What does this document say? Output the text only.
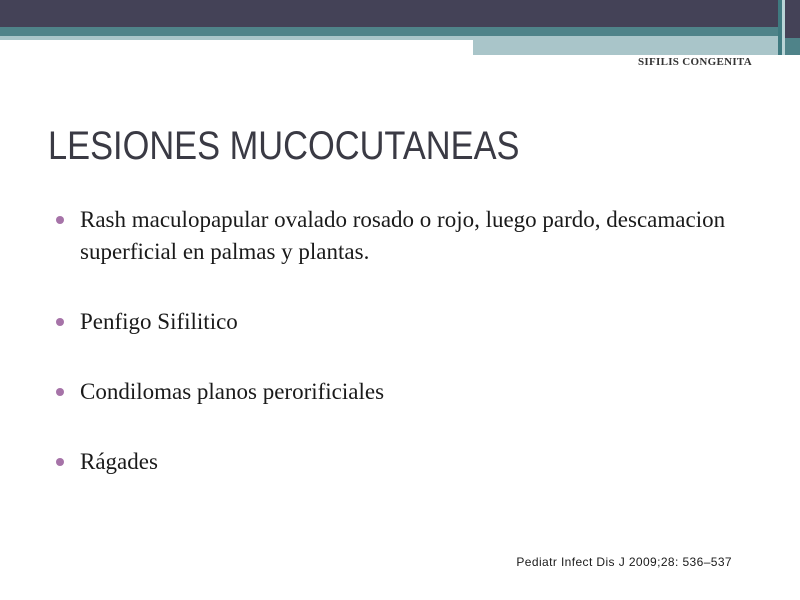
SIFILIS CONGENITA
LESIONES MUCOCUTANEAS
Rash maculopapular ovalado rosado o rojo, luego pardo, descamacion superficial en palmas y plantas.
Penfigo Sifilitico
Condilomas planos perorificiales
Rágades
Pediatr Infect Dis J 2009;28: 536–537
